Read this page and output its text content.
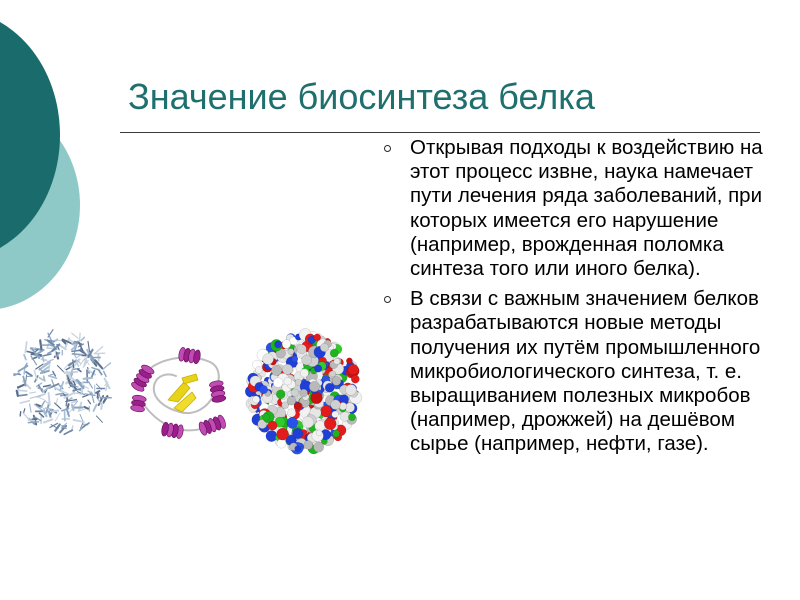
Значение биосинтеза белка
Открывая подходы к воздействию на этот процесс извне, наука намечает пути лечения ряда заболеваний, при которых имеется его нарушение (например, врожденная поломка синтеза того или иного белка).
В связи с важным значением белков разрабатываются новые методы получения их путём промышленного микробиологического синтеза, т. е. выращиванием полезных микробов (например, дрожжей) на дешёвом сырье (например, нефти, газе).
